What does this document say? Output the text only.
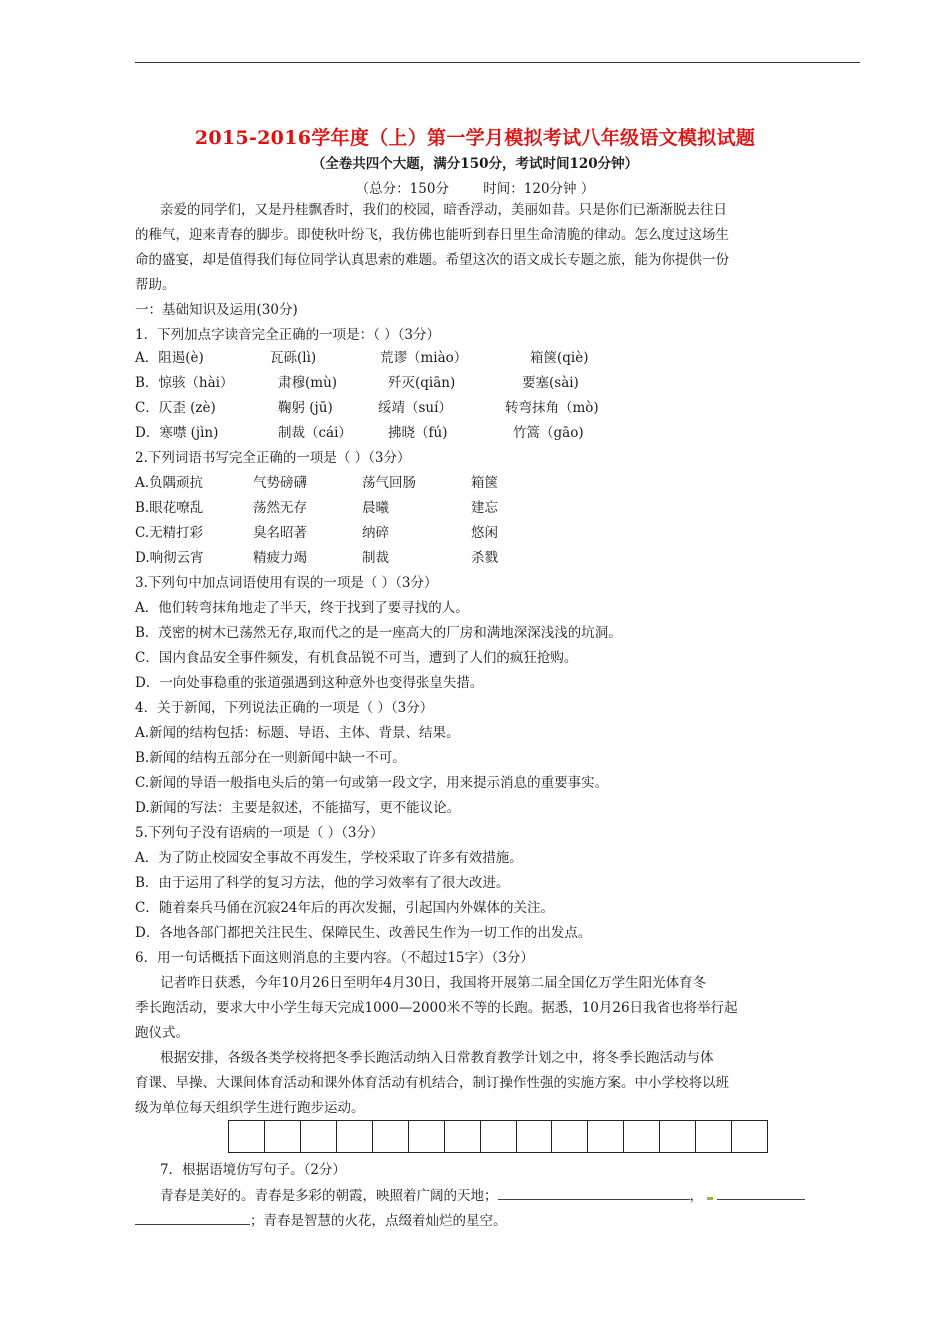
2015-2016学年度（上）第一学月模拟考试八年级语文模拟试题
（全卷共四个大题，满分150分，考试时间120分钟）
（总分：150分        时间：120分钟 ）
亲爱的同学们，又是丹桂飘香时，我们的校园，暗香浮动，美丽如昔。只是你们已渐渐脱去往日
的稚气，迎来青春的脚步。即使秋叶纷飞，我仿佛也能听到春日里生命清脆的律动。怎么度过这场生
命的盛宴，却是值得我们每位同学认真思索的难题。希望这次的语文成长专题之旅，能为你提供一份
帮助。
一：基础知识及运用(30分)
1．下列加点字读音完全正确的一项是：（ ）（3分）
A．阻遏(è)	瓦砾(lì)	荒谬（miào）	箱箧(qiè)
B．惊骇（hài）	肃穆(mù)	歼灭(qiān)	要塞(sài)
C．仄歪 (zè)	鞠躬 (jū)	绥靖（suí）	转弯抹角（mò)
D．寒噤 (jìn)	制裁（cái）	拂晓（fú)	竹篙（gāo)
2.下列词语书写完全正确的一项是（ ）（3分）
A.负隅顽抗	气势磅礴	荡气回肠	箱箧
B.眼花嘹乱	荡然无存	晨曦	建忘
C.无精打彩	臭名昭著	纳碎	悠闲
D.响彻云宵	精疲力竭	制裁	杀戮
3.下列句中加点词语使用有误的一项是（ ）（3分）
A．他们转弯抹角地走了半天，终于找到了要寻找的人。
B．茂密的树木已荡然无存,取而代之的是一座高大的厂房和满地深深浅浅的坑洞。
C．国内食品安全事件频发，有机食品锐不可当，遭到了人们的疯狂抢购。
D．一向处事稳重的张道强遇到这种意外也变得张皇失措。
4．关于新闻，下列说法正确的一项是（ ）（3分）
A.新闻的结构包括：标题、导语、主体、背景、结果。
B.新闻的结构五部分在一则新闻中缺一不可。
C.新闻的导语一般指电头后的第一句或第一段文字，用来提示消息的重要事实。
D.新闻的写法：主要是叙述，不能描写，更不能议论。
5.下列句子没有语病的一项是（ ）（3分）
A．为了防止校园安全事故不再发生，学校采取了许多有效措施。
B．由于运用了科学的复习方法，他的学习效率有了很大改进。
C．随着秦兵马俑在沉寂24年后的再次发掘，引起国内外媒体的关注。
D．各地各部门都把关注民生、保障民生、改善民生作为一切工作的出发点。
6．用一句话概括下面这则消息的主要内容。（不超过15字）（3分）
记者昨日获悉，今年10月26日至明年4月30日，我国将开展第二届全国亿万学生阳光体育冬
季长跑活动，要求大中小学生每天完成1000—2000米不等的长跑。据悉，10月26日我省也将举行起
跑仪式。
根据安排，各级各类学校将把冬季长跑活动纳入日常教育教学计划之中，将冬季长跑活动与体
育课、早操、大课间体育活动和课外体育活动有机结合，制订操作性强的实施方案。中小学校将以班
级为单位每天组织学生进行跑步运动。
7．根据语境仿写句子。（2分）
青春是美好的。青春是多彩的朝霞，映照着广阔的天地；	，
；青春是智慧的火花，点缀着灿烂的星空。
